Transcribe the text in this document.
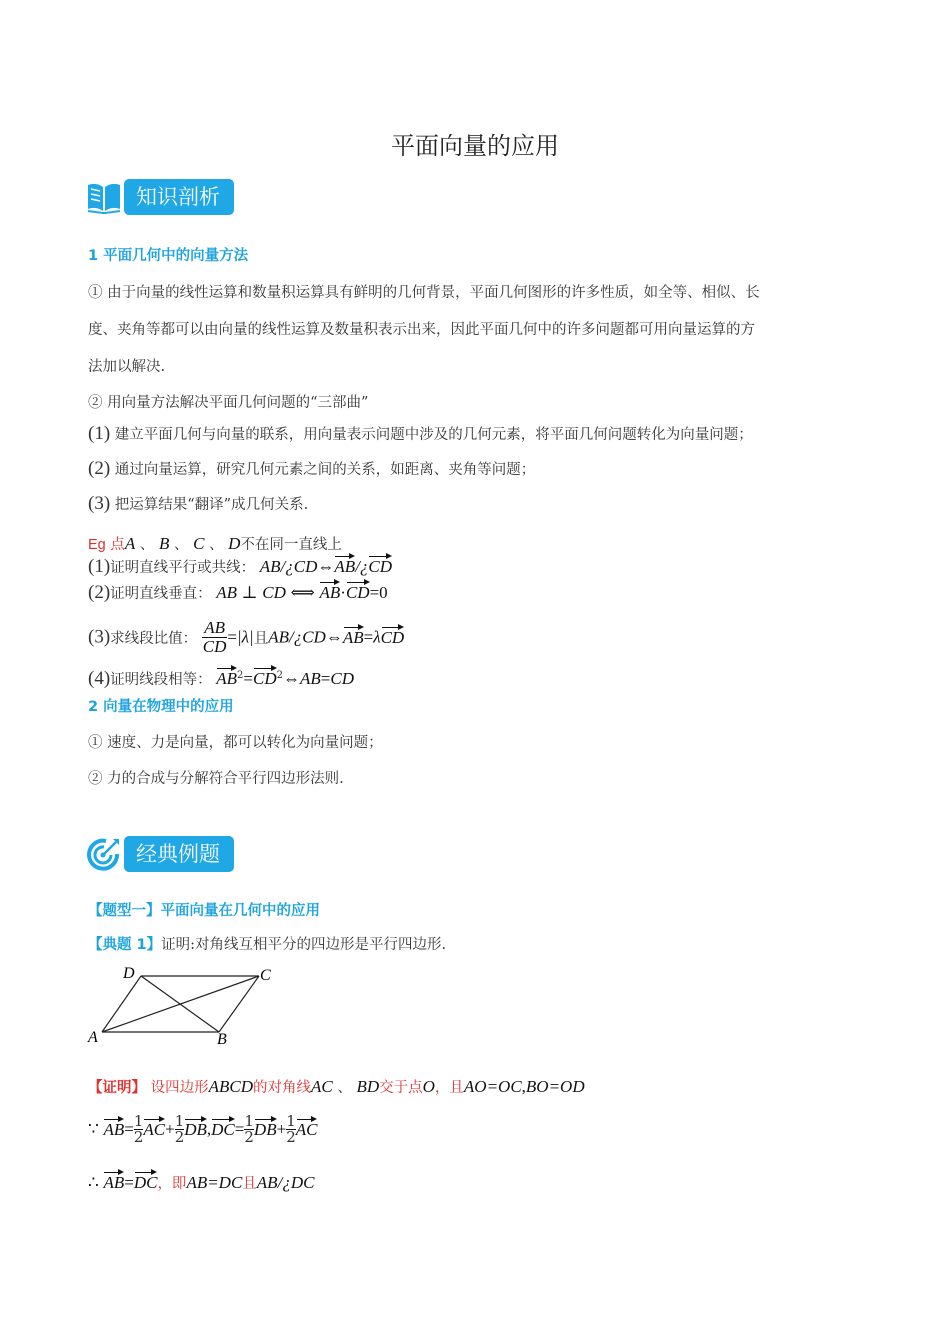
平面向量的应用
知识剖析
1 平面几何中的向量方法
① 由于向量的线性运算和数量积运算具有鲜明的几何背景，平面几何图形的许多性质，如全等、相似、长
度、夹角等都可以由向量的线性运算及数量积表示出来，因此平面几何中的许多问题都可用向量运算的方
法加以解决.
② 用向量方法解决平面几何问题的“三部曲”
(1) 建立平面几何与向量的联系，用向量表示问题中涉及的几何元素，将平面几何问题转化为向量问题；
(2) 通过向量运算，研究几何元素之间的关系，如距离、夹角等问题；
(3) 把运算结果“翻译”成几何关系.
Eg 点A 、 B 、 C 、 D不在同一直线上
(1)证明直线平行或共线： AB/¿CD⇔AB/¿CD
(2)证明直线垂直： AB ⊥ CD ⟺ AB·CD=0
(3)求线段比值： $\frac{AB}{CD} =|\lambda|$且AB/¿CD⇔AB=λCD
(4)证明线段相等： $AB^2=CD^2\Leftrightarrow AB=CD$
2 向量在物理中的应用
① 速度、力是向量，都可以转化为向量问题；
② 力的合成与分解符合平行四边形法则.
经典例题
【题型一】平面向量在几何中的应用
【典题 1】证明:对角线互相平分的四边形是平行四边形.
A	B
C
D
【证明】 设四边形ABCD的对角线AC 、 BD交于点O，且AO=OC,BO=OD
∵ $AB= \frac{1}{2} AC+ \frac{1}{2} DB,DC= \frac{1}{2} DB+ \frac{1}{2}$ AC
∴ AB=DC，即AB=DC且AB/¿DC
